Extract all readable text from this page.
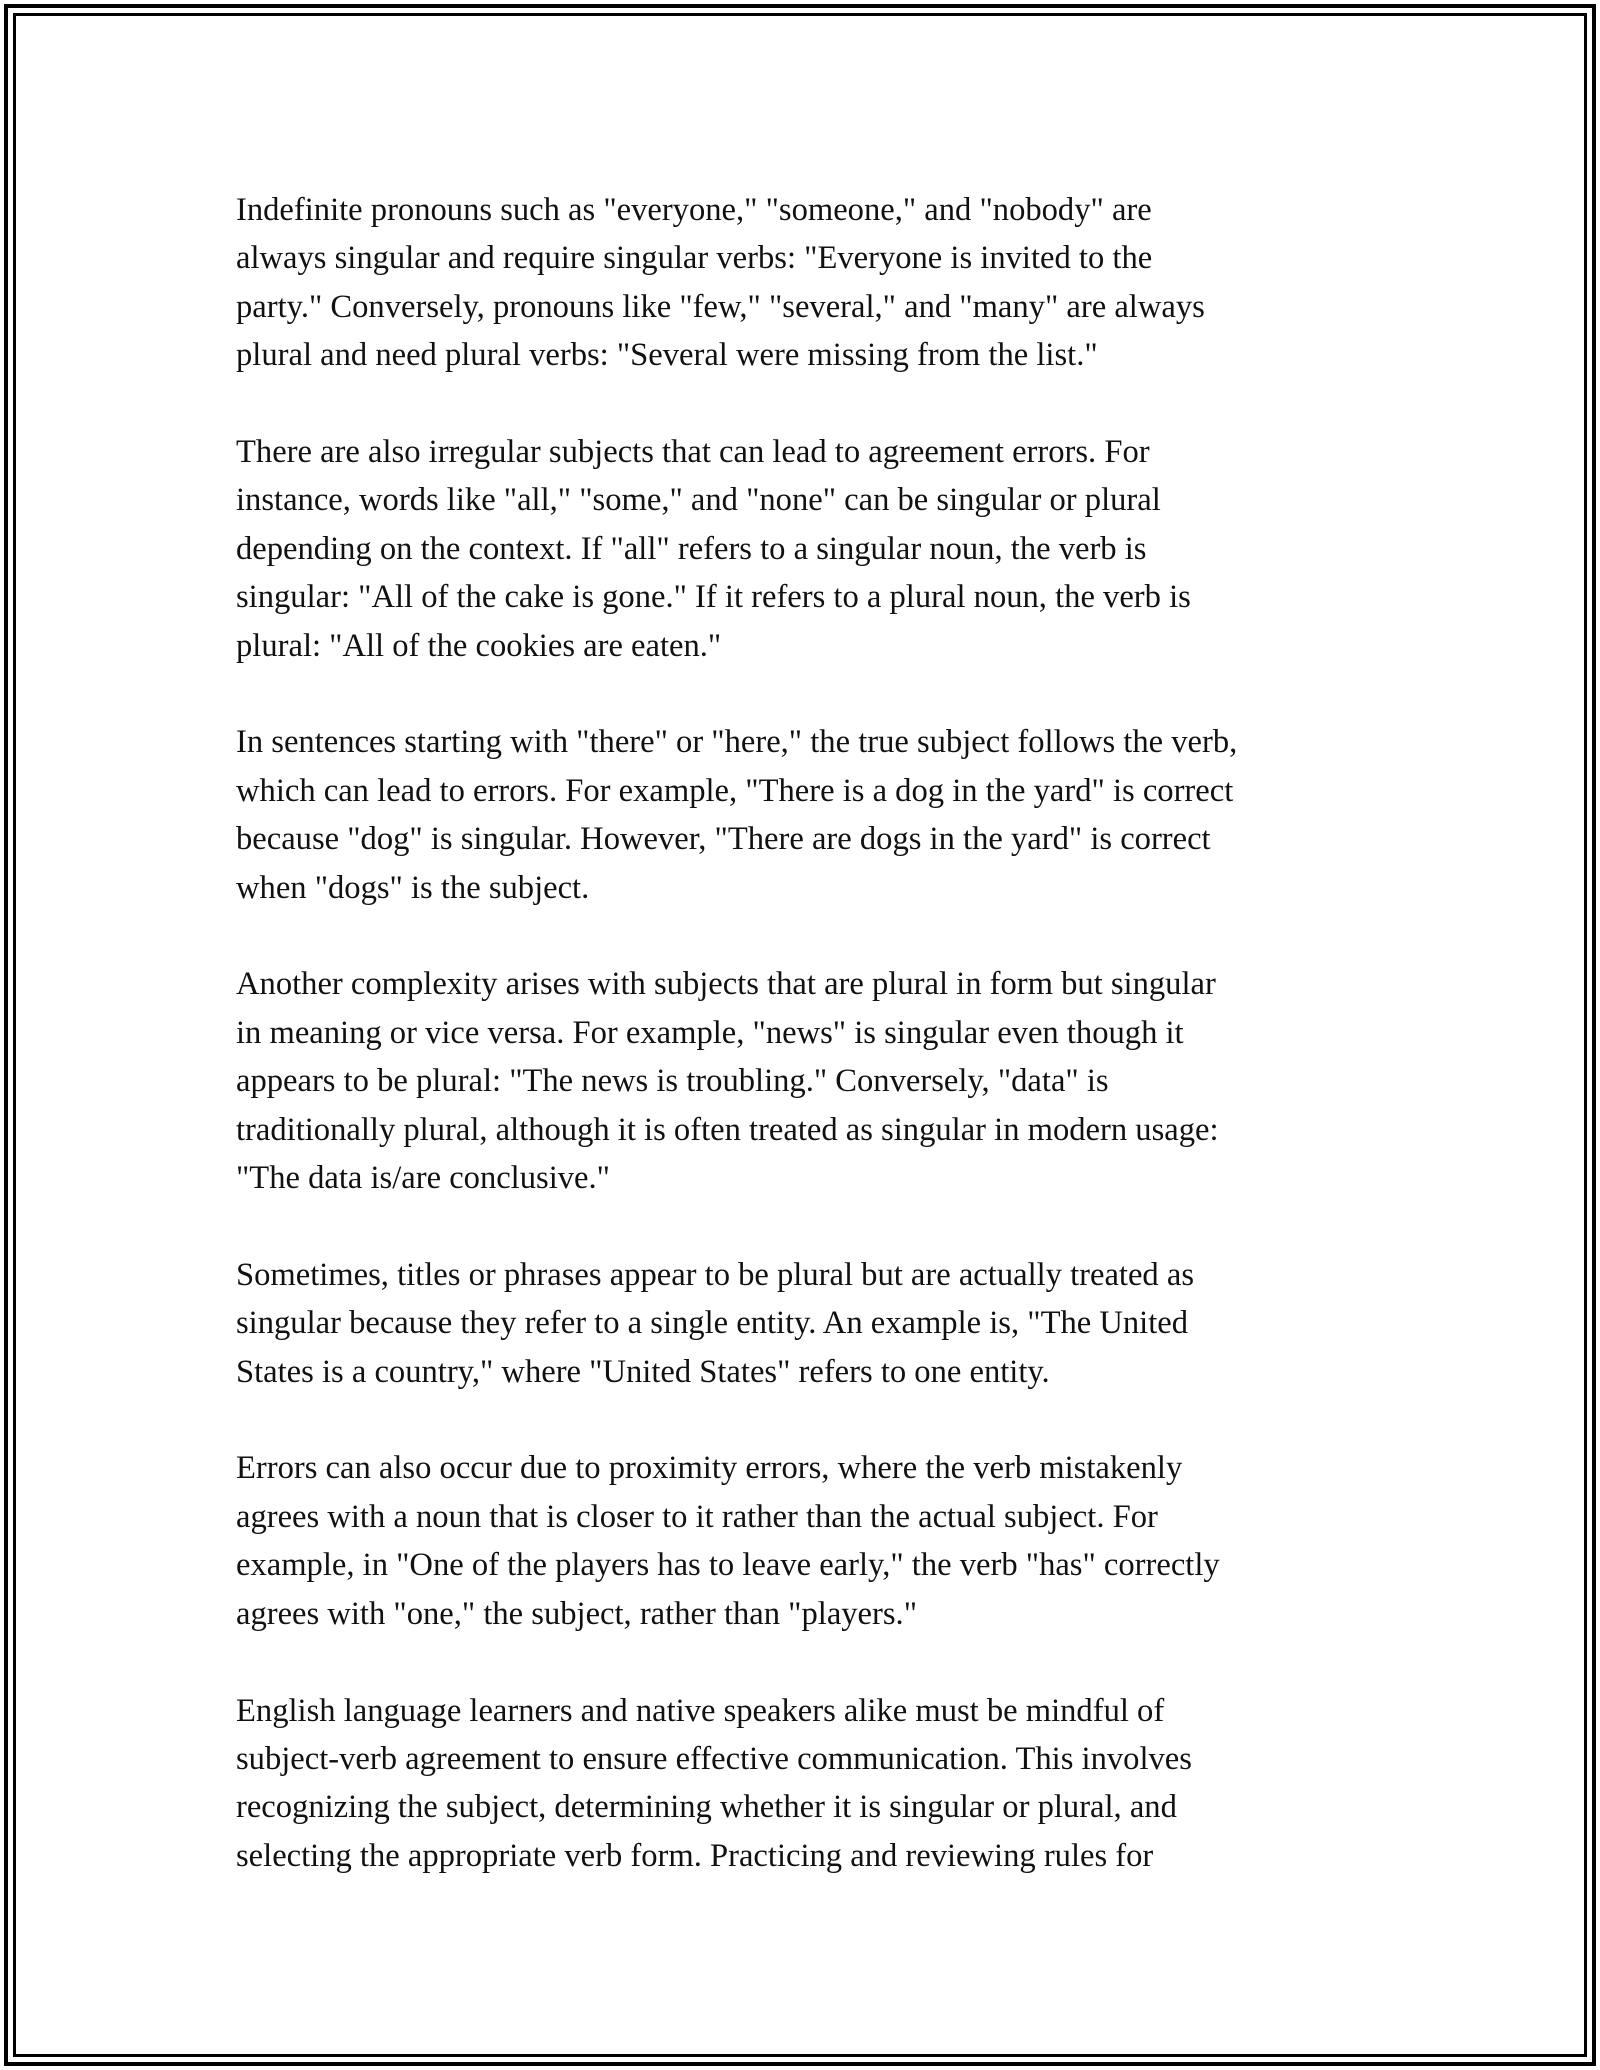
Indefinite pronouns such as "everyone," "someone," and "nobody" are
always singular and require singular verbs: "Everyone is invited to the
party." Conversely, pronouns like "few," "several," and "many" are always
plural and need plural verbs: "Several were missing from the list."

There are also irregular subjects that can lead to agreement errors. For
instance, words like "all," "some," and "none" can be singular or plural
depending on the context. If "all" refers to a singular noun, the verb is
singular: "All of the cake is gone." If it refers to a plural noun, the verb is
plural: "All of the cookies are eaten."

In sentences starting with "there" or "here," the true subject follows the verb,
which can lead to errors. For example, "There is a dog in the yard" is correct
because "dog" is singular. However, "There are dogs in the yard" is correct
when "dogs" is the subject.

Another complexity arises with subjects that are plural in form but singular
in meaning or vice versa. For example, "news" is singular even though it
appears to be plural: "The news is troubling." Conversely, "data" is
traditionally plural, although it is often treated as singular in modern usage:
"The data is/are conclusive."

Sometimes, titles or phrases appear to be plural but are actually treated as
singular because they refer to a single entity. An example is, "The United
States is a country," where "United States" refers to one entity.

Errors can also occur due to proximity errors, where the verb mistakenly
agrees with a noun that is closer to it rather than the actual subject. For
example, in "One of the players has to leave early," the verb "has" correctly
agrees with "one," the subject, rather than "players."

English language learners and native speakers alike must be mindful of
subject-verb agreement to ensure effective communication. This involves
recognizing the subject, determining whether it is singular or plural, and
selecting the appropriate verb form. Practicing and reviewing rules for
